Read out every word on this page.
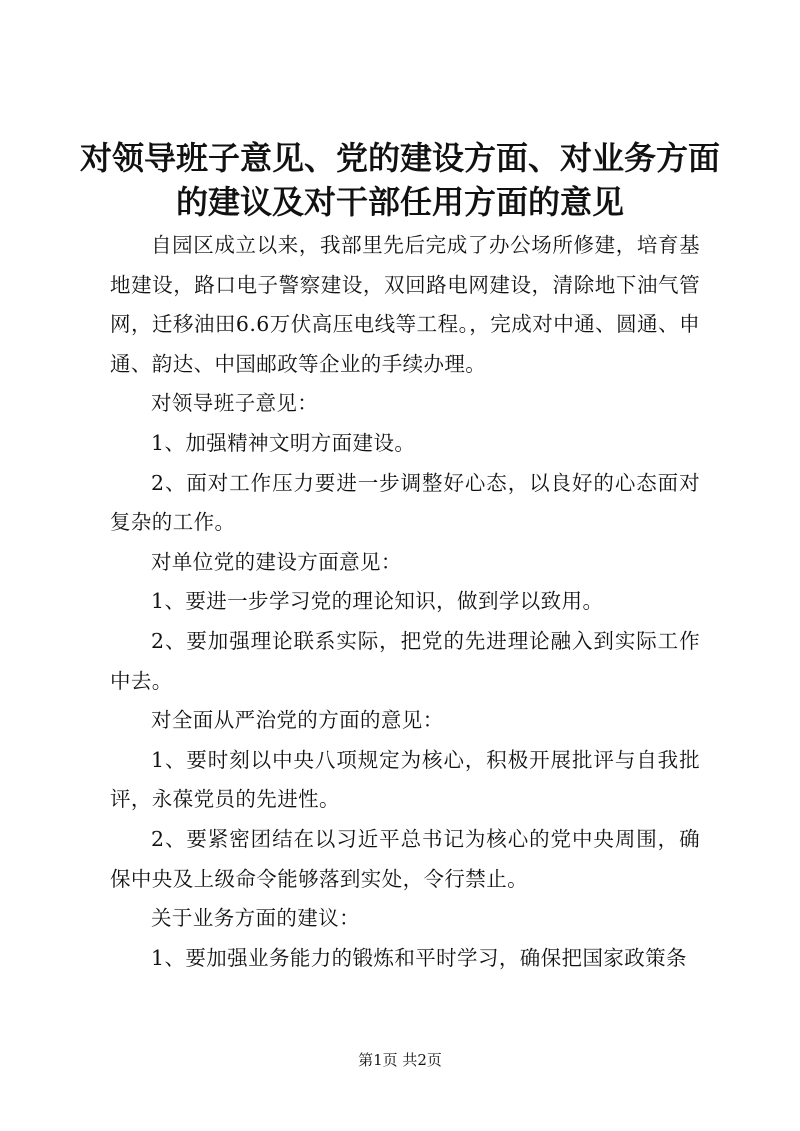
对领导班子意见、党的建设方面、对业务方面
的建议及对干部任用方面的意见

自园区成立以来，我部里先后完成了办公场所修建，培育基地建设，路口电子警察建设，双回路电网建设，清除地下油气管网，迁移油田6.6万伏高压电线等工程。，完成对中通、圆通、申通、韵达、中国邮政等企业的手续办理。

对领导班子意见：

1、加强精神文明方面建设。

2、面对工作压力要进一步调整好心态，以良好的心态面对复杂的工作。

对单位党的建设方面意见：

1、要进一步学习党的理论知识，做到学以致用。

2、要加强理论联系实际，把党的先进理论融入到实际工作中去。

对全面从严治党的方面的意见：

1、要时刻以中央八项规定为核心，积极开展批评与自我批评，永葆党员的先进性。

2、要紧密团结在以习近平总书记为核心的党中央周围，确保中央及上级命令能够落到实处，令行禁止。

关于业务方面的建议：

1、要加强业务能力的锻炼和平时学习，确保把国家政策条

第1页 共2页
